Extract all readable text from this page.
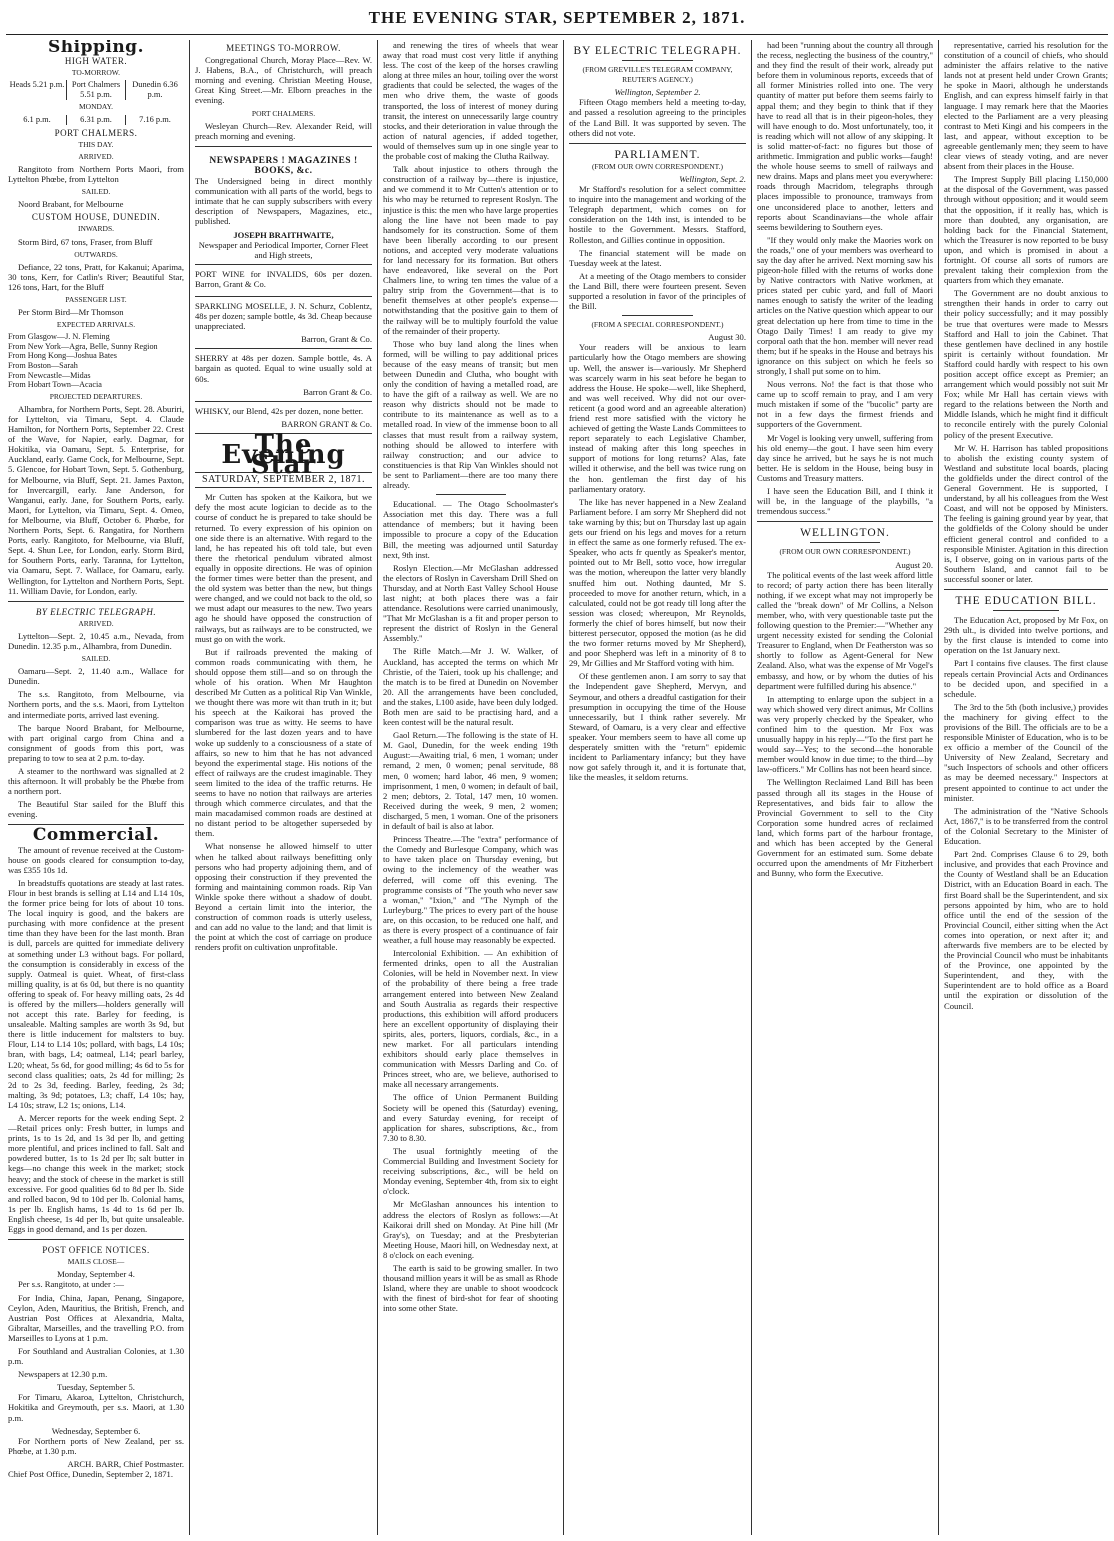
THE EVENING STAR, SEPTEMBER 2, 1871.
Shipping.
HIGH WATER.
TO-MORROW.
Heads 5.21 p.m. Port Chalmers 5.51 p.m.
Dunedin 6.36 p.m.
MONDAY.
6.1 p.m.	6.31 p.m.	7.16 p.m.
PORT CHALMERS.
THIS DAY.
ARRIVED.

Rangitoto from Northern Ports Maori, from Lyttelton Phœbe, from Lyttelton

SAILED.

Noord Brabant, for Melbourne

CUSTOM HOUSE, DUNEDIN.
INWARDS.

Storm Bird, 67 tons, Fraser, from Bluff

OUTWARDS.

Defiance, 22 tons, Pratt, for Kakanui; Aparima, 30 tons, Kerr, for Catlin's River; Beautiful Star, 126 tons, Hart, for the Bluff

PASSENGER LIST.

Per Storm Bird—Mr Thomson

EXPECTED ARRIVALS.
From Glasgow—J. N. Fleming
From New York—Agra, Belle, Sunny Region
From Hong Kong—Joshua Bates
From Boston—Sarah
From Newcastle—Midas
From Hobart Town—Acacia
PROJECTED DEPARTURES.

Alhambra, for Northern Ports, Sept. 28. Aburiri, for Lyttelton, via Timaru, Sept. 4. Claude Hamilton, for Northern Ports, September 22. Crest of the Wave, for Napier, early. Dagmar, for Hokitika, via Oamaru, Sept. 5. Enterprise, for Auckland, early. Game Cock, for Melbourne, Sept. 5. Glencoe, for Hobart Town, Sept. 5. Gothenburg, for Melbourne, via Bluff, Sept. 21. James Paxton, for Invercargill, early. Jane Anderson, for Wanganui, early. Jane, for Southern Ports, early. Maori, for Lyttelton, via Timaru, Sept. 4. Omeo, for Melbourne, via Bluff, October 6. Phœbe, for Northern Ports, Sept. 6. Rangatira, for Northern Ports, early. Rangitoto, for Melbourne, via Bluff, Sept. 4. Shun Lee, for London, early. Storm Bird, for Southern Ports, early. Taranna, for Lyttelton, via Oamaru, Sept. 7. Wallace, for Oamaru, early. Wellington, for Lyttelton and Northern Ports, Sept. 11. William Davie, for London, early.

BY ELECTRIC TELEGRAPH.
ARRIVED.

Lyttelton—Sept. 2, 10.45 a.m., Nevada, from Dunedin. 12.35 p.m., Alhambra, from Dunedin.

SAILED.

Oamaru—Sept. 2, 11.40 a.m., Wallace for Dunedin.

The s.s. Rangitoto, from Melbourne, via Northern ports, and the s.s. Maori, from Lyttelton and intermediate ports, arrived last evening.

The barque Noord Brabant, for Melbourne, with part original cargo from China and a consignment of goods from this port, was preparing to tow to sea at 2 p.m. to-day.

A steamer to the northward was signalled at 2 this afternoon. It will probably be the Phœbe from a northern port.

The Beautiful Star sailed for the Bluff this evening.

Commercial.

The amount of revenue received at the Custom-house on goods cleared for consumption to-day, was £355 10s 1d.

In breadstuffs quotations are steady at last rates. Flour in best brands is selling at L14 and L14 10s, the former price being for lots of about 10 tons. The local inquiry is good, and the bakers are purchasing with more confidence at the present time than they have been for the last month. Bran is dull, parcels are quitted for immediate delivery at something under L3 without bags. For pollard, the consumption is considerably in excess of the supply. Oatmeal is quiet. Wheat, of first-class milling quality, is at 6s 0d, but there is no quantity offering to speak of. For heavy milling oats, 2s 4d is offered by the millers—holders generally will not accept this rate. Barley for feeding, is unsaleable. Malting samples are worth 3s 9d, but there is little inducement for maltsters to buy. Flour, L14 to L14 10s; pollard, with bags, L4 10s; bran, with bags, L4; oatmeal, L14; pearl barley, L20; wheat, 5s 6d, for good milling; 4s 6d to 5s for second class qualities; oats, 2s 4d for milling; 2s 2d to 2s 3d, feeding. Barley, feeding, 2s 3d; malting, 3s 9d; potatoes, L3; chaff, L4 10s; hay, L4 10s; straw, L2 1s; onions, L14.

A. Mercer reports for the week ending Sept. 2—Retail prices only: Fresh butter, in lumps and prints, 1s to 1s 2d, and 1s 3d per lb, and getting more plentiful, and prices inclined to fall. Salt and powdered butter, 1s to 1s 2d per lb; salt butter in kegs—no change this week in the market; stock heavy; and the stock of cheese in the market is still excessive. For good qualities 6d to 8d per lb. Side and rolled bacon, 9d to 10d per lb. Colonial hams, 1s per lb. English hams, 1s 4d to 1s 6d per lb. English cheese, 1s 4d per lb, but quite unsaleable. Eggs in good demand, and 1s per dozen.

POST OFFICE NOTICES.
MAILS CLOSE—
Monday, September 4.

Per s.s. Rangitoto, at under :—

For India, China, Japan, Penang, Singapore, Ceylon, Aden, Mauritius, the British, French, and Austrian Post Offices at Alexandria, Malta, Gibraltar, Marseilles, and the travelling P.O. from Marseilles to Lyons at 1 p.m.

For Southland and Australian Colonies, at 1.30 p.m.

Newspapers at 12.30 p.m.

Tuesday, September 5.

For Timaru, Akaroa, Lyttelton, Christchurch, Hokitika and Greymouth, per s.s. Maori, at 1.30 p.m.

Wednesday, September 6.

For Northern ports of New Zealand, per ss. Phœbe, at 1.30 p.m.

ARCH. BARR, Chief Postmaster.
Chief Post Office, Dunedin, September 2, 1871.
MEETINGS TO-MORROW.

Congregational Church, Moray Place—Rev. W. J. Habens, B.A., of Christchurch, will preach morning and evening. Christian Meeting House, Great King Street.—Mr. Elborn preaches in the evening.

PORT CHALMERS.

Wesleyan Church—Rev. Alexander Reid, will preach morning and evening.

NEWSPAPERS ! MAGAZINES ! BOOKS, &c.

The Undersigned being in direct monthly communication with all parts of the world, begs to intimate that he can supply subscribers with every description of Newspapers, Magazines, etc., published.

JOSEPH BRAITHWAITE,
Newspaper and Periodical Importer, Corner Fleet and High streets,

PORT WINE for INVALIDS, 60s per dozen. Barron, Grant & Co.

SPARKLING MOSELLE, J. N. Schurz, Coblentz, 48s per dozen; sample bottle, 4s 3d. Cheap because unappreciated.

Barron, Grant & Co.

SHERRY at 48s per dozen. Sample bottle, 4s. A bargain as quoted. Equal to wine usually sold at 60s.

Barron Grant & Co.

WHISKY, our Blend, 42s per dozen, none better.

BARRON GRANT & Co.
The Evening Star
SATURDAY, SEPTEMBER 2, 1871.

Mr Cutten has spoken at the Kaikora, but we defy the most acute logician to decide as to the course of conduct he is prepared to take should be returned. To every expression of his opinion on one side there is an alternative. With regard to the land, he has repeated his oft told tale, but even there the rhetorical pendulum vibrated almost equally in opposite directions. He was of opinion the former times were better than the present, and the old system was better than the new, but things were changed, and we could not back to the old, so we must adapt our measures to the new. Two years ago he should have opposed the construction of railways, but as railways are to be constructed, we must go on with the work.

But if railroads prevented the making of common roads communicating with them, he should oppose them still—and so on through the whole of his oration. When Mr Haughton described Mr Cutten as a political Rip Van Winkle, we thought there was more wit than truth in it; but his speech at the Kaikorai has proved the comparison was true as witty. He seems to have slumbered for the last dozen years and to have woke up suddenly to a consciousness of a state of affairs, so new to him that he has not advanced beyond the experimental stage. His notions of the effect of railways are the crudest imaginable. They seem limited to the idea of the traffic returns. He seems to have no notion that railways are arteries through which commerce circulates, and that the main macadamised common roads are destined at no distant period to be altogether superseded by them.

What nonsense he allowed himself to utter when he talked about railways benefitting only persons who had property adjoining them, and of opposing their construction if they prevented the forming and maintaining common roads. Rip Van Winkle spoke there without a shadow of doubt. Beyond a certain limit into the interior, the construction of common roads is utterly useless, and can add no value to the land; and that limit is the point at which the cost of carriage on produce renders profit on cultivation unprofitable.

and renewing the tires of wheels that wear away that road must cost very little if anything less. The cost of the keep of the horses crawling along at three miles an hour, toiling over the worst gradients that could be selected, the wages of the men who drive them, the waste of goods transported, the loss of interest of money during transit, the interest on unnecessarily large country stocks, and their deterioration in value through the action of natural agencies, if added together, would of themselves sum up in one single year to the probable cost of making the Clutha Railway.

Talk about injustice to others through the construction of a railway by—there is injustice, and we commend it to Mr Cutten's attention or to his who may be returned to represent Roslyn. The injustice is this: the men who have large properties along the line have not been made to pay handsomely for its construction. Some of them have been liberally according to our present notions, and accepted very moderate valuations for land necessary for its formation. But others have endeavored, like several on the Port Chalmers line, to wring ten times the value of a paltry strip from the Government—that is to benefit themselves at other people's expense—notwithstanding that the positive gain to them of the railway will be to multiply fourfold the value of the remainder of their property.

Those who buy land along the lines when formed, will be willing to pay additional prices because of the easy means of transit; but men between Dunedin and Clutha, who bought with only the condition of having a metalled road, are to have the gift of a railway as well. We are no reason why districts should not be made to contribute to its maintenance as well as to a metalled road. In view of the immense boon to all classes that must result from a railway system, nothing should be allowed to interfere with railway construction; and our advice to constituencies is that Rip Van Winkles should not be sent to Parliament—there are too many there already.

Educational. — The Otago Schoolmaster's Association met this day. There was a full attendance of members; but it having been impossible to procure a copy of the Education Bill, the meeting was adjourned until Saturday next, 9th inst.

Roslyn Election.—Mr McGlashan addressed the electors of Roslyn in Caversham Drill Shed on Thursday, and at North East Valley School House last night; at both places there was a fair attendance. Resolutions were carried unanimously, "That Mr McGlashan is a fit and proper person to represent the district of Roslyn in the General Assembly."

The Rifle Match.—Mr J. W. Walker, of Auckland, has accepted the terms on which Mr Christie, of the Taieri, took up his challenge; and the match is to be fired at Dunedin on November 20. All the arrangements have been concluded, and the stakes, L100 aside, have been duly lodged. Both men are said to be practising hard, and a keen contest will be the natural result.

Gaol Return.—The following is the state of H. M. Gaol, Dunedin, for the week ending 19th August:—Awaiting trial, 6 men, 1 woman; under remand, 2 men, 0 women; penal servitude, 88 men, 0 women; hard labor, 46 men, 9 women; imprisonment, 1 men, 0 women; in default of bail, 2 men; debtors, 2. Total, 147 men, 10 women. Received during the week, 9 men, 2 women; discharged, 5 men, 1 woman. One of the prisoners in default of bail is also at labor.

Princess Theatre.—The "extra" performance of the Comedy and Burlesque Company, which was to have taken place on Thursday evening, but owing to the inclemency of the weather was deferred, will come off this evening. The programme consists of "The youth who never saw a woman," "Ixion," and "The Nymph of the Lurleyburg." The prices to every part of the house are, on this occasion, to be reduced one half, and as there is every prospect of a continuance of fair weather, a full house may reasonably be expected.

Intercolonial Exhibition. — An exhibition of fermented drinks, open to all the Australian Colonies, will be held in November next. In view of the probability of there being a free trade arrangement entered into between New Zealand and South Australia as regards their respective productions, this exhibition will afford producers here an excellent opportunity of displaying their spirits, ales, porters, liquors, cordials, &c., in a new market. For all particulars intending exhibitors should early place themselves in communication with Messrs Darling and Co. of Princes street, who are, we believe, authorised to make all necessary arrangements.

The office of Union Permanent Building Society will be opened this (Saturday) evening, and every Saturday evening, for receipt of application for shares, subscriptions, &c., from 7.30 to 8.30.

The usual fortnightly meeting of the Commercial Building and Investment Society for receiving subscriptions, &c., will be held on Monday evening, September 4th, from six to eight o'clock.

Mr McGlashan announces his intention to address the electors of Roslyn as follows:—At Kaikorai drill shed on Monday. At Pine hill (Mr Gray's), on Tuesday; and at the Presbyterian Meeting House, Maori hill, on Wednesday next, at 8 o'clock on each evening.

The earth is said to be growing smaller. In two thousand million years it will be as small as Rhode Island, where they are unable to shoot woodcock with the finest of bird-shot for fear of shooting into some other State.

BY ELECTRIC TELEGRAPH.
(FROM GREVILLE'S TELEGRAM COMPANY, REUTER'S AGENCY.)
Wellington, September 2.

Fifteen Otago members held a meeting to-day, and passed a resolution agreeing to the principles of the Land Bill. It was supported by seven. The others did not vote.

PARLIAMENT.
(FROM OUR OWN CORRESPONDENT.)
Wellington, Sept. 2.

Mr Stafford's resolution for a select committee to inquire into the management and working of the Telegraph department, which comes on for consideration on the 14th inst, is intended to be hostile to the Government. Messrs. Stafford, Rolleston, and Gillies continue in opposition.

The financial statement will be made on Tuesday week at the latest.

At a meeting of the Otago members to consider the Land Bill, there were fourteen present. Seven supported a resolution in favor of the principles of the Bill.

(FROM A SPECIAL CORRESPONDENT.)
August 30.

Your readers will be anxious to learn particularly how the Otago members are showing up. Well, the answer is—variously. Mr Shepherd was scarcely warm in his seat before he began to address the House. He spoke—well, like Shepherd, and was well received. Why did not our over-reticent (a good word and an agreeable alteration) friend rest more satisfied with the victory he achieved of getting the Waste Lands Committees to report separately to each Legislative Chamber, instead of making after this long speeches in support of motions for long returns? Alas, fate willed it otherwise, and the bell was twice rung on the hon. gentleman the first day of his parliamentary oratory.

The like has never happened in a New Zealand Parliament before. I am sorry Mr Shepherd did not take warning by this; but on Thursday last up again gets our friend on his legs and moves for a return in effect the same as one formerly refused. The ex-Speaker, who acts fr quently as Speaker's mentor, pointed out to Mr Bell, sotto voce, how irregular was the motion, whereupon the latter very blandly snuffed him out. Nothing daunted, Mr S. proceeded to move for another return, which, in a calculated, could not be got ready till long after the session was closed; whereupon, Mr Reynolds, formerly the chief of bores himself, but now their bitterest persecutor, opposed the motion (as he did the two former returns moved by Mr Shepherd), and poor Shepherd was left in a minority of 8 to 29, Mr Gillies and Mr Stafford voting with him.

Of these gentlemen anon. I am sorry to say that the Independent gave Shepherd, Mervyn, and Seymour, and others a dreadful castigation for their presumption in occupying the time of the House unnecessarily, but I think rather severely. Mr Steward, of Oamaru, is a very clear and effective speaker. Your members seem to have all come up desperately smitten with the "return" epidemic incident to Parliamentary infancy; but they have now got safely through it, and it is fortunate that, like the measles, it seldom returns.

had been "running about the country all through the recess, neglecting the business of the country," and they find the result of their work, already put before them in voluminous reports, exceeds that of all former Ministries rolled into one. The very quantity of matter put before them seems fairly to appal them; and they begin to think that if they have to read all that is in their pigeon-holes, they will have enough to do. Most unfortunately, too, it is reading which will not allow of any skipping. It is solid matter-of-fact: no figures but those of arithmetic. Immigration and public works—faugh! the whole house seems to smell of railways and new drains. Maps and plans meet you everywhere: roads through Macridom, telegraphs through places impossible to pronounce, tramways from one unconsidered place to another, letters and reports about Scandinavians—the whole affair seems bewildering to Southern eyes.

"If they would only make the Maories work on the roads," one of your members was overheard to say the day after he arrived. Next morning saw his pigeon-hole filled with the returns of works done by Native contractors with Native workmen, at prices stated per cubic yard, and full of Maori names enough to satisfy the writer of the leading articles on the Native question which appear to our great delectation up here from time to time in the Otago Daily Times! I am ready to give my corporal oath that the hon. member will never read them; but if he speaks in the House and betrays his ignorance on this subject on which he feels so strongly, I shall put some on to him.

Nous verrons. No! the fact is that those who came up to scoff remain to pray, and I am very much mistaken if some of the "bucolic" party are not in a few days the firmest friends and supporters of the Government.

Mr Vogel is looking very unwell, suffering from his old enemy—the gout. I have seen him every day since he arrived, but he says he is not much better. He is seldom in the House, being busy in Customs and Treasury matters.

I have seen the Education Bill, and I think it will be, in the language of the playbills, "a tremendous success."

WELLINGTON.
(FROM OUR OWN CORRESPONDENT.)
August 20.

The political events of the last week afford little to record; of party action there has been literally nothing, if we except what may not improperly be called the "break down" of Mr Collins, a Nelson member, who, with very questionable taste put the following question to the Premier:—"Whether any urgent necessity existed for sending the Colonial Treasurer to England, when Dr Featherston was so shortly to follow as Agent-General for New Zealand. Also, what was the expense of Mr Vogel's embassy, and how, or by whom the duties of his department were fulfilled during his absence."

In attempting to enlarge upon the subject in a way which showed very direct animus, Mr Collins was very properly checked by the Speaker, who confined him to the question. Mr Fox was unusually happy in his reply—"To the first part he would say—Yes; to the second—the honorable member would know in due time; to the third—by law-officers." Mr Collins has not been heard since.

The Wellington Reclaimed Land Bill has been passed through all its stages in the House of Representatives, and bids fair to allow the Provincial Government to sell to the City Corporation some hundred acres of reclaimed land, which forms part of the harbour frontage, and which has been accepted by the General Government for an estimated sum. Some debate occurred upon the amendments of Mr Fitzherbert and Bunny, who form the Executive.

representative, carried his resolution for the constitution of a council of chiefs, who should administer the affairs relative to the native lands not at present held under Crown Grants; he spoke in Maori, although he understands English, and can express himself fairly in that language. I may remark here that the Maories elected to the Parliament are a very pleasing contrast to Meti Kingi and his compeers in the last, and appear, without exception to be agreeable gentlemanly men; they seem to have clear views of steady voting, and are never absent from their places in the House.

The Imprest Supply Bill placing L150,000 at the disposal of the Government, was passed through without opposition; and it would seem that the opposition, if it really has, which is more than doubted, any organisation, are holding back for the Financial Statement, which the Treasurer is now reported to be busy upon, and which is promised in about a fortnight. Of course all sorts of rumors are prevalent taking their complexion from the quarters from which they emanate.

The Government are no doubt anxious to strengthen their hands in order to carry out their policy successfully; and it may possibly be true that overtures were made to Messrs Stafford and Hall to join the Cabinet. That these gentlemen have declined in any hostile spirit is certainly without foundation. Mr Stafford could hardly with respect to his own position accept office except as Premier; an arrangement which would possibly not suit Mr Fox; while Mr Hall has certain views with regard to the relations between the North and Middle Islands, which he might find it difficult to reconcile entirely with the purely Colonial policy of the present Executive.

Mr W. H. Harrison has tabled propositions to abolish the existing county system of Westland and substitute local boards, placing the goldfields under the direct control of the General Government. He is supported, I understand, by all his colleagues from the West Coast, and will not be opposed by Ministers. The feeling is gaining ground year by year, that the goldfields of the Colony should be under efficient general control and confided to a responsible Minister. Agitation in this direction is, I observe, going on in various parts of the Southern Island, and cannot fail to be successful sooner or later.

THE EDUCATION BILL.

The Education Act, proposed by Mr Fox, on 29th ult., is divided into twelve portions, and by the first clause is intended to come into operation on the 1st January next.

Part I contains five clauses. The first clause repeals certain Provincial Acts and Ordinances to be decided upon, and specified in a schedule.

The 3rd to the 5th (both inclusive,) provides the machinery for giving effect to the provisions of the Bill. The officials are to be a responsible Minister of Education, who is to be ex officio a member of the Council of the University of New Zealand, Secretary and "such Inspectors of schools and other officers as may be deemed necessary." Inspectors at present appointed to continue to act under the minister.

The administration of the "Native Schools Act, 1867," is to be transferred from the control of the Colonial Secretary to the Minister of Education.

Part 2nd. Comprises Clause 6 to 29, both inclusive, and provides that each Province and the County of Westland shall be an Education District, with an Education Board in each. The first Board shall be the Superintendent, and six persons appointed by him, who are to hold office until the end of the session of the Provincial Council, either sitting when the Act comes into operation, or next after it; and afterwards five members are to be elected by the Provincial Council who must be inhabitants of the Province, one appointed by the Superintendent, and they, with the Superintendent are to hold office as a Board until the expiration or dissolution of the Council.
